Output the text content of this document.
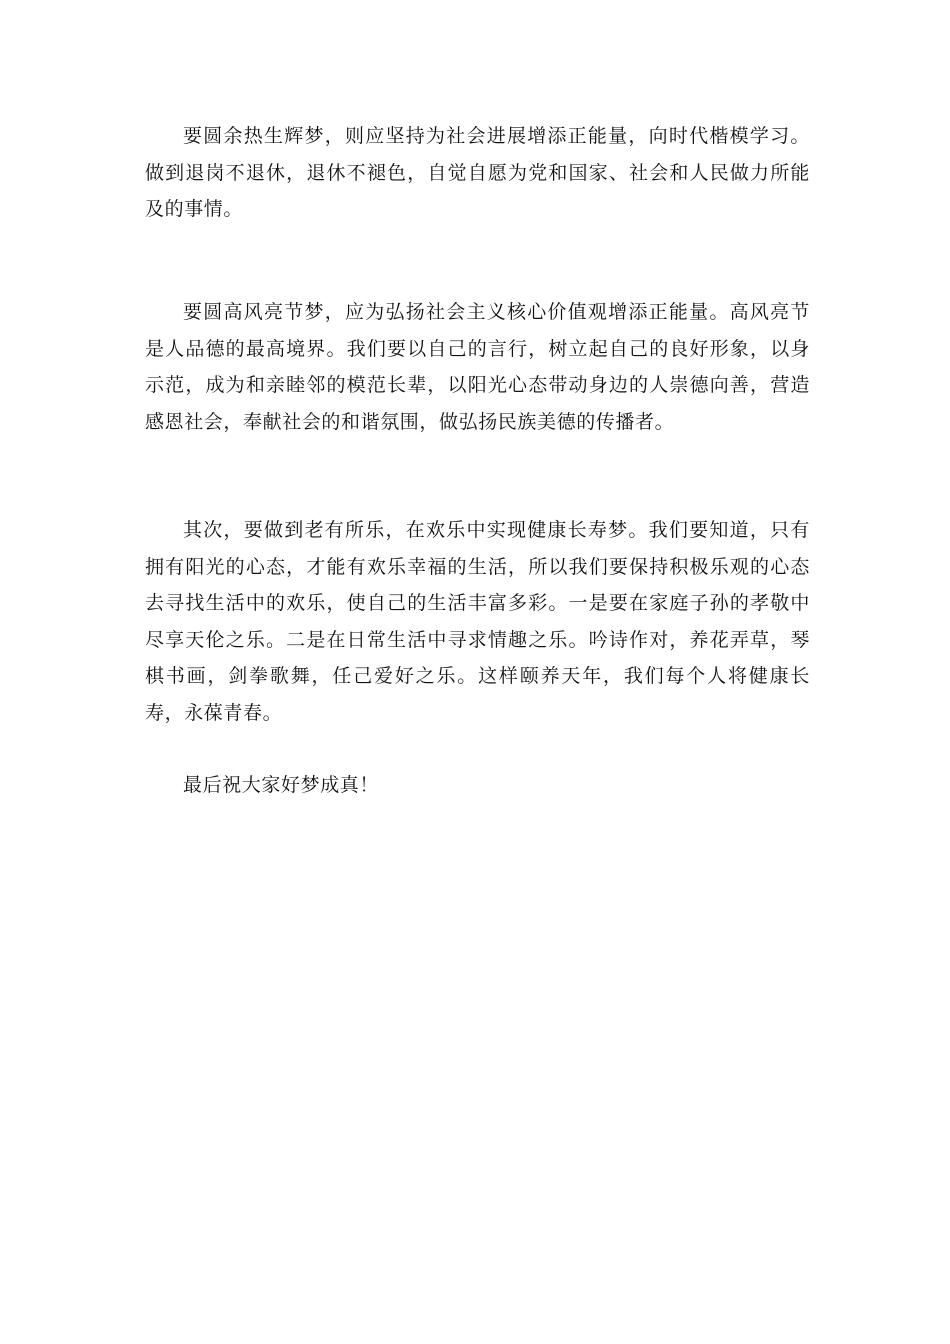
要圆余热生辉梦，则应坚持为社会进展增添正能量，向时代楷模学习。做到退岗不退休，退休不褪色，自觉自愿为党和国家、社会和人民做力所能及的事情。

要圆高风亮节梦，应为弘扬社会主义核心价值观增添正能量。高风亮节是人品德的最高境界。我们要以自己的言行，树立起自己的良好形象，以身示范，成为和亲睦邻的模范长辈，以阳光心态带动身边的人崇德向善，营造感恩社会，奉献社会的和谐氛围，做弘扬民族美德的传播者。

其次，要做到老有所乐，在欢乐中实现健康长寿梦。我们要知道，只有拥有阳光的心态，才能有欢乐幸福的生活，所以我们要保持积极乐观的心态去寻找生活中的欢乐，使自己的生活丰富多彩。一是要在家庭子孙的孝敬中尽享天伦之乐。二是在日常生活中寻求情趣之乐。吟诗作对，养花弄草，琴棋书画，剑拳歌舞，任己爱好之乐。这样颐养天年，我们每个人将健康长寿，永葆青春。

最后祝大家好梦成真！
